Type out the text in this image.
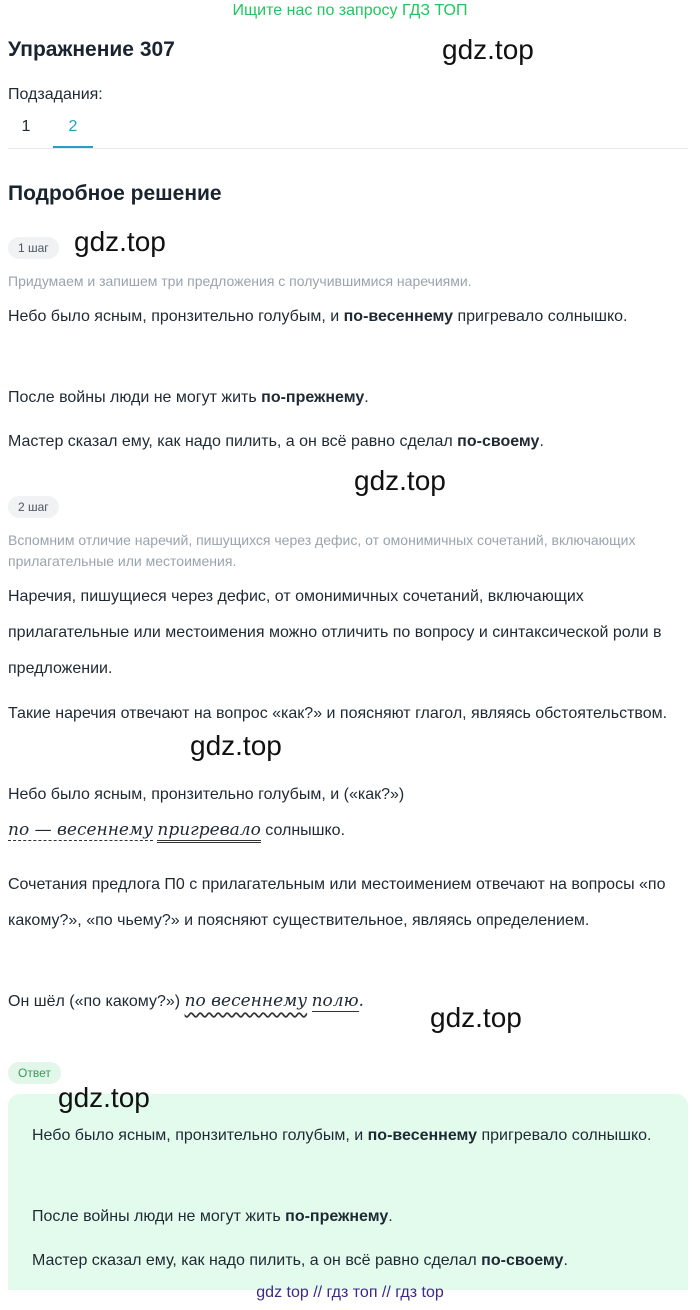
Ищите нас по запросу ГДЗ ТОП
Упражнение 307	gdz.top
Подзадания:
1	2
Подробное решение
1 шаг gdz.top
Придумаем и запишем три предложения с получившимися наречиями.
Небо было ясным, пронзительно голубым, и по-весеннему пригревало солнышко.
После войны люди не могут жить по-прежнему.
Мастер сказал ему, как надо пилить, а он всё равно сделал по-своему.
gdz.top
2 шаг
Вспомним отличие наречий, пишущихся через дефис, от омонимичных сочетаний, включающих прилагательные или местоимения.
Наречия, пишущиеся через дефис, от омонимичных сочетаний, включающих прилагательные или местоимения можно отличить по вопросу и синтаксической роли в предложении.
Такие наречия отвечают на вопрос «как?» и поясняют глагол, являясь обстоятельством.
gdz.top
Небо было ясным, пронзительно голубым, и («как?»)
по — весеннему пригревало солнышко.
Сочетания предлога П0 с прилагательным или местоимением отвечают на вопросы «по какому?», «по чьему?» и поясняют существительное, являясь определением.
Он шёл («по какому?») по весеннему полю.
gdz.top
Ответ
gdz.top
Небо было ясным, пронзительно голубым, и по-весеннему пригревало солнышко.
После войны люди не могут жить по-прежнему.
Мастер сказал ему, как надо пилить, а он всё равно сделал по-своему.
gdz top // гдз топ // гдз top
